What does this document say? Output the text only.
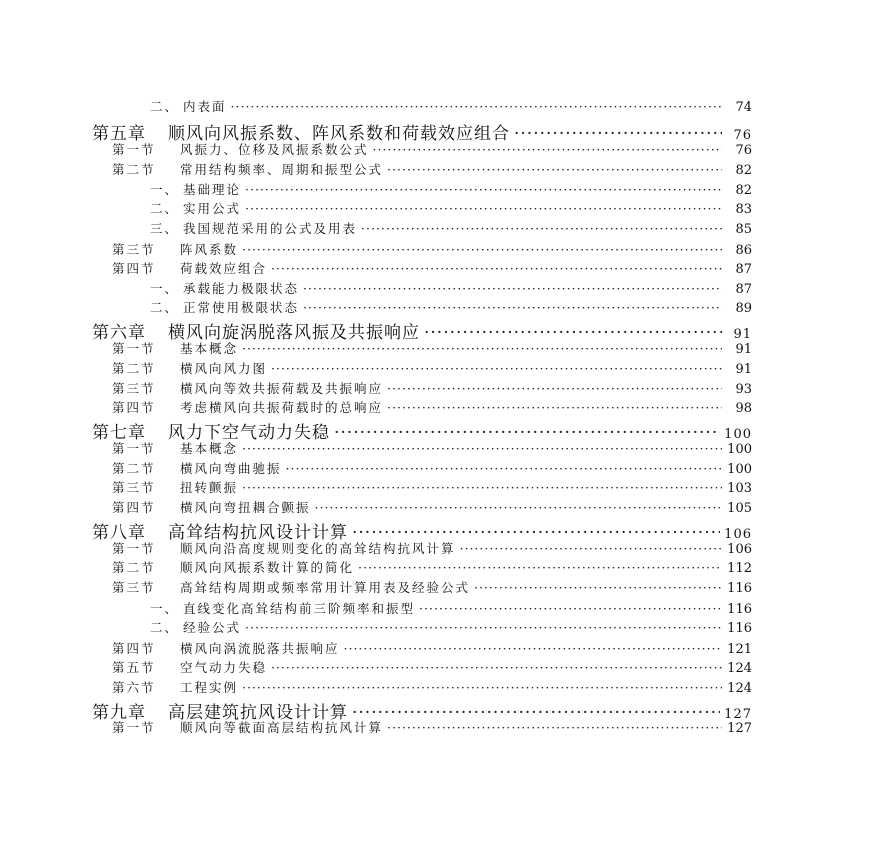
二、 内表面 ·····	74
第五章 顺风向风振系数、阵风系数和荷载效应组合 ·····	76
第一节 风振力、位移及风振系数公式 ·····	76
第二节 常用结构频率、周期和振型公式 ·····	82
一、 基础理论 ·····	82
二、 实用公式 ·····	83
三、 我国规范采用的公式及用表 ·····	85
第三节 阵风系数 ·····	86
第四节 荷载效应组合 ·····	87
一、 承载能力极限状态 ·····	87
二、 正常使用极限状态 ·····	89
第六章 横风向旋涡脱落风振及共振响应 ·····	91
第一节 基本概念 ·····	91
第二节 横风向风力图 ·····	91
第三节 横风向等效共振荷载及共振响应 ·····	93
第四节 考虑横风向共振荷载时的总响应 ·····	98
第七章 风力下空气动力失稳 ·····	100
第一节 基本概念 ·····	100
第二节 横风向弯曲驰振 ·····	100
第三节 扭转颤振 ·····	103
第四节 横风向弯扭耦合颤振 ·····	105
第八章 高耸结构抗风设计计算 ·····	106
第一节 顺风向沿高度规则变化的高耸结构抗风计算 ·····	106
第二节 顺风向风振系数计算的简化 ·····	112
第三节 高耸结构周期或频率常用计算用表及经验公式 ·····	116
一、 直线变化高耸结构前三阶频率和振型 ·····	116
二、 经验公式 ·····	116
第四节 横风向涡流脱落共振响应 ·····	121
第五节 空气动力失稳 ·····	124
第六节 工程实例 ·····	124
第九章 高层建筑抗风设计计算 ·····	127
第一节 顺风向等截面高层结构抗风计算 ·····	127
